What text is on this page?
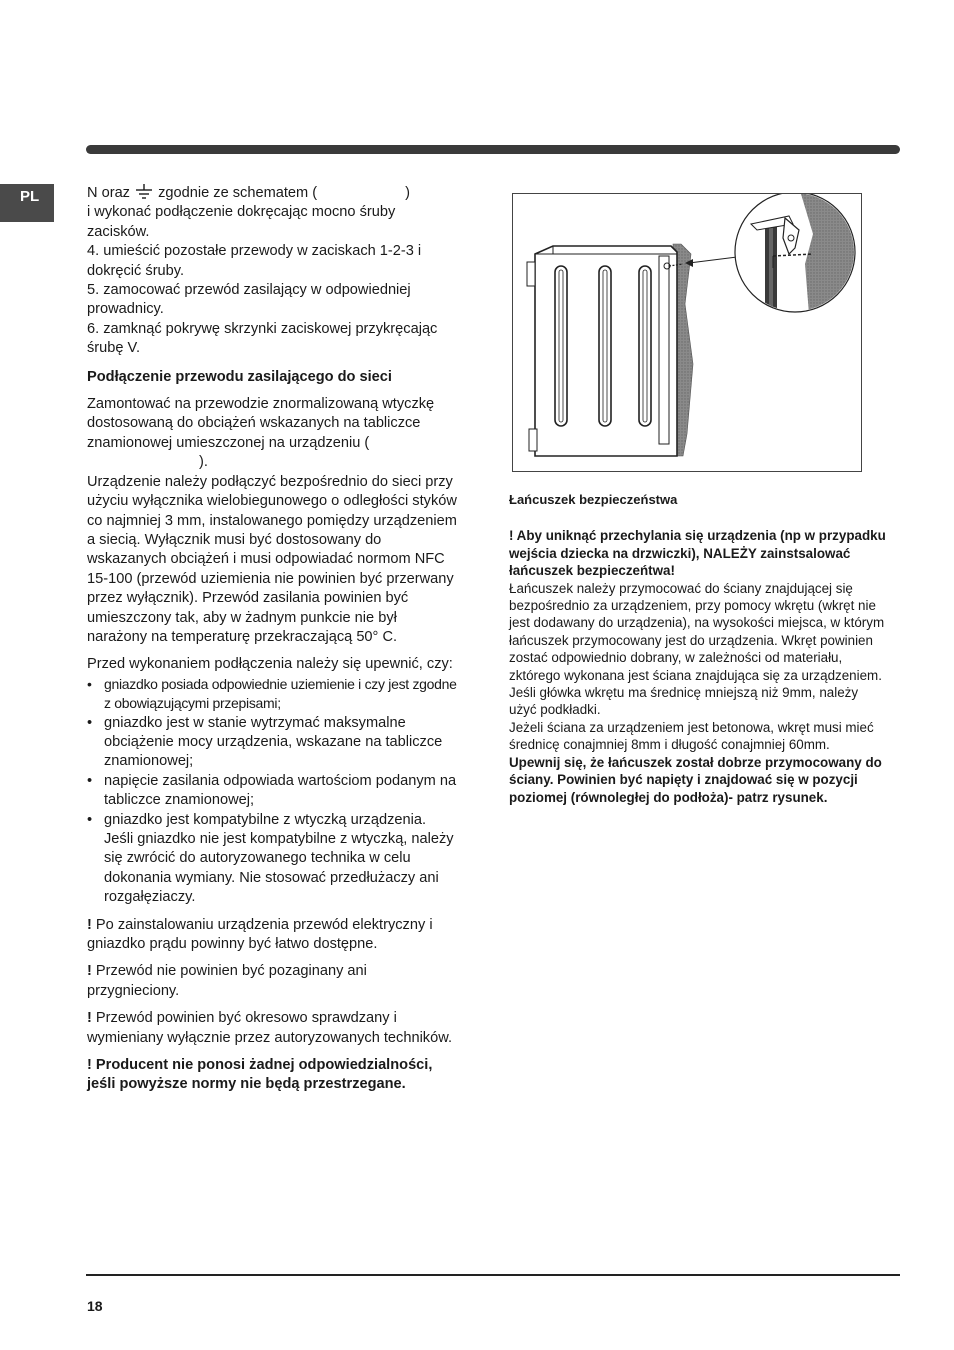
PL	N oraz zgodnie ze schematem (	)
i wykonać podłączenie dokręcając mocno śruby zacisków.

4. umieścić pozostałe przewody w zaciskach 1-2-3 i dokręcić śruby.

5. zamocować przewód zasilający w odpowiedniej prowadnicy.

6. zamknąć pokrywę skrzynki zaciskowej przykręcając śrubę V.

Podłączenie przewodu zasilającego do sieci

Zamontować na przewodzie znormalizowaną wtyczkę dostosowaną do obciążeń wskazanych na tabliczce znamionowej umieszczonej na urządzeniu (
).

Urządzenie należy podłączyć bezpośrednio do sieci przy użyciu wyłącznika wielobiegunowego o odległości styków co najmniej 3 mm, instalowanego pomiędzy urządzeniem a siecią. Wyłącznik musi być dostosowany do wskazanych obciążeń i musi odpowiadać normom NFC 15-100 (przewód uziemienia nie powinien być przerwany przez wyłącznik). Przewód zasilania powinien być umieszczony tak, aby w żadnym punkcie nie był narażony na temperaturę przekraczającą 50° C.

Przed wykonaniem podłączenia należy się upewnić, czy:

• gniazdko posiada odpowiednie uziemienie i czy jest zgodne z obowiązującymi przepisami;
• gniazdko jest w stanie wytrzymać maksymalne obciążenie mocy urządzenia, wskazane na tabliczce znamionowej;
• napięcie zasilania odpowiada wartościom podanym na tabliczce znamionowej;
• gniazdko jest kompatybilne z wtyczką urządzenia. Jeśli gniazdko nie jest kompatybilne z wtyczką, należy się zwrócić do autoryzowanego technika w celu dokonania wymiany. Nie stosować przedłużaczy ani rozgałęziaczy.

! Po zainstalowaniu urządzenia przewód elektryczny i gniazdko prądu powinny być łatwo dostępne.

! Przewód nie powinien być pozaginany ani przygnieciony.

! Przewód powinien być okresowo sprawdzany i wymieniany wyłącznie przez autoryzowanych techników.

! Producent nie ponosi żadnej odpowiedzialności, jeśli powyższe normy nie będą przestrzegane.

Łańcuszek bezpieczeństwa

! Aby uniknąć przechylania się urządzenia (np w przypadku wejścia dziecka na drzwiczki), NALEŻY zainstsalować łańcuszek bezpieczeńtwa!

Łańcuszek należy przymocować do ściany znajdującej się bezpośrednio za urządzeniem, przy pomocy wkrętu (wkręt nie jest dodawany do urządzenia), na wysokości miejsca, w którym łańcuszek przymocowany jest do urządzenia. Wkręt powinien zostać odpowiednio dobrany, w zależności od materiału, zktórego wykonana jest ściana znajdująca się za urządzeniem. Jeśli główka wkrętu ma średnicę mniejszą niż 9mm, należy użyć podkładki.

Jeżeli ściana za urządzeniem jest betonowa, wkręt musi mieć średnicę conajmniej 8mm i długość conajmniej 60mm.

Upewnij się, że łańcuszek został dobrze przymocowany do ściany. Powinien być napięty i znajdować się w pozycji poziomej (równoległej do podłoża)- patrz rysunek.

18
